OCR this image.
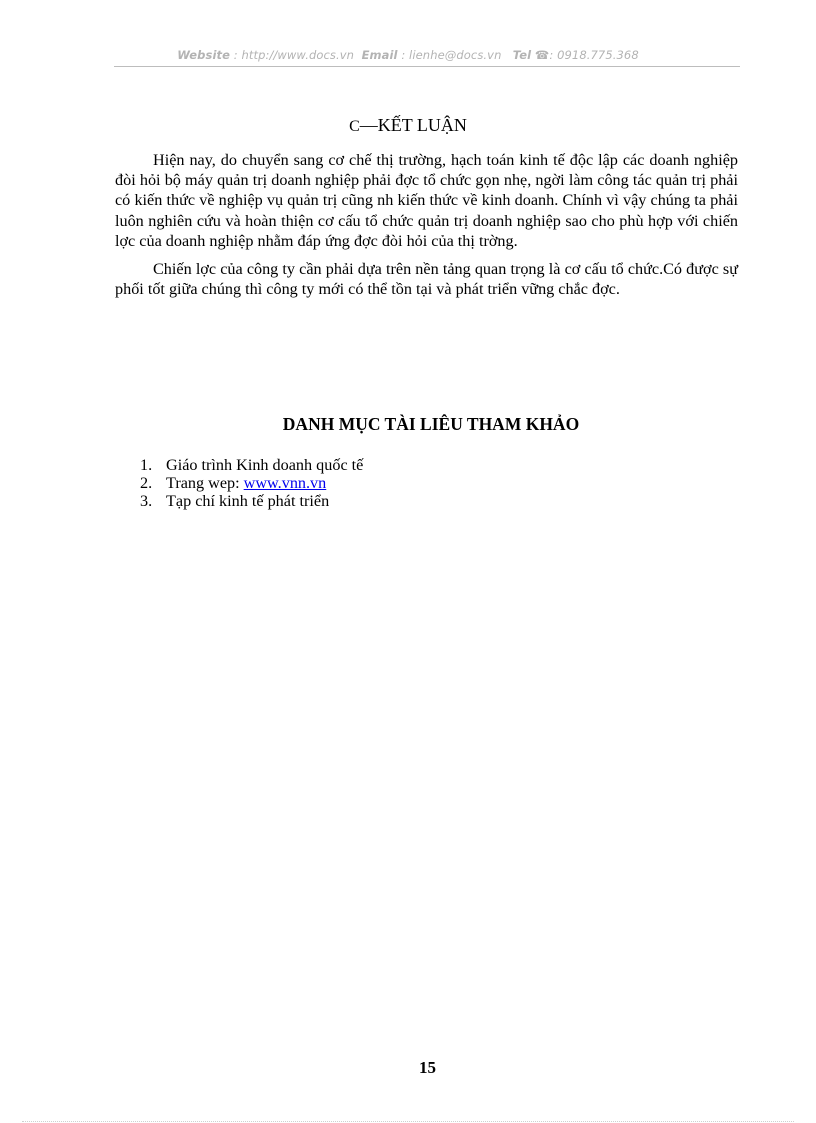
Website : http://www.docs.vn Email : lienhe@docs.vn Tel ☎: 0918.775.368
C—KẾT LUẬN

Hiện nay, do chuyển sang cơ chế thị trường, hạch toán kinh tế độc lập các doanh nghiệp đòi hỏi bộ máy quản trị doanh nghiệp phải đợc tổ chức gọn nhẹ, ngời làm công tác quản trị phải có kiến thức về nghiệp vụ quản trị cũng nh kiến thức về kinh doanh. Chính vì vậy chúng ta phải luôn nghiên cứu và hoàn thiện cơ cấu tổ chức quản trị doanh nghiệp sao cho phù hợp với chiến lợc của doanh nghiệp nhằm đáp ứng đợc đòi hỏi của thị trờng.

Chiến lợc của công ty cần phải dựa trên nền tảng quan trọng là cơ cấu tổ chức.Có được sự phối tốt giữa chúng thì công ty mới có thể tồn tại và phát triển vững chắc đợc.

DANH MỤC TÀI LIÊU THAM KHẢO
1. Giáo trình Kinh doanh quốc tế
2. Trang wep: www.vnn.vn
3. Tạp chí kinh tế phát triển
15
